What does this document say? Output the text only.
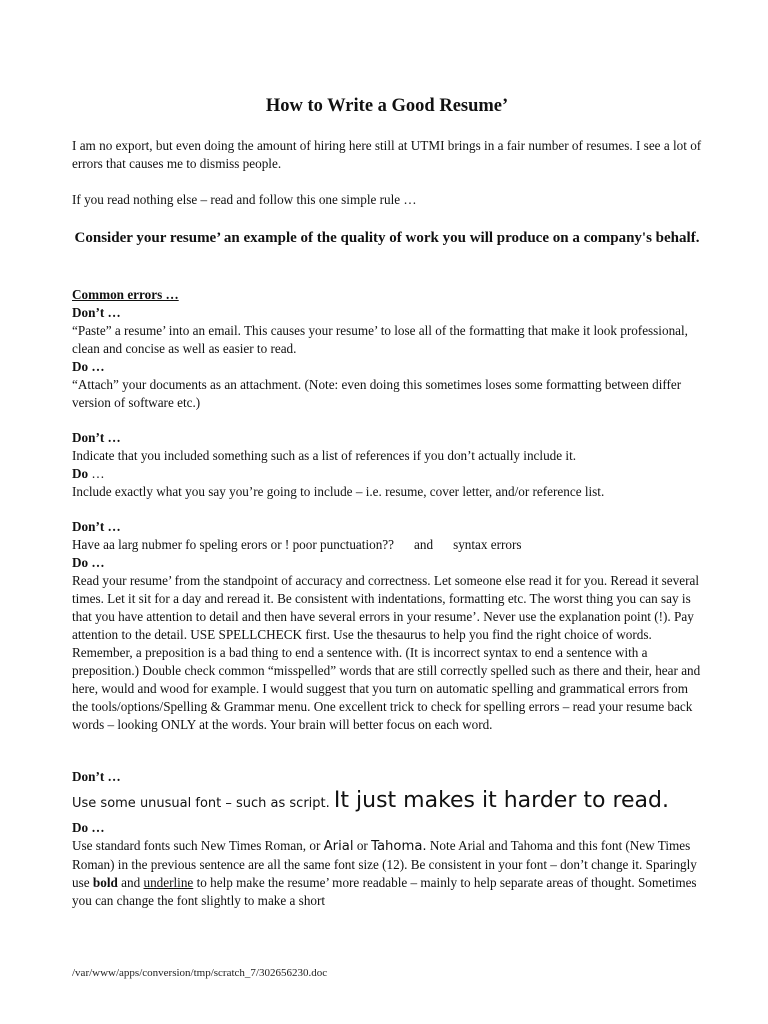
How to Write a Good Resume’

I am no export, but even doing the amount of hiring here still at UTMI brings in a fair number of resumes. I see a lot of errors that causes me to dismiss people.

If you read nothing else – read and follow this one simple rule …

Consider your resume’ an example of the quality of work you will produce on a company's behalf.

Common errors …

Don’t …

“Paste” a resume’ into an email. This causes your resume’ to lose all of the formatting that make it look professional, clean and concise as well as easier to read.

Do …

“Attach” your documents as an attachment. (Note: even doing this sometimes loses some formatting between differ version of software etc.)

Don’t …

Indicate that you included something such as a list of references if you don’t actually include it.

Do …

Include exactly what you say you’re going to include – i.e. resume, cover letter, and/or reference list.

Don’t …

Have aa larg nubmer fo speling erors or ! poor punctuation?? and syntax errors

Do …

Read your resume’ from the standpoint of accuracy and correctness. Let someone else read it for you. Reread it several times. Let it sit for a day and reread it. Be consistent with indentations, formatting etc. The worst thing you can say is that you have attention to detail and then have several errors in your resume’. Never use the explanation point (!). Pay attention to the detail. USE SPELLCHECK first. Use the thesaurus to help you find the right choice of words. Remember, a preposition is a bad thing to end a sentence with. (It is incorrect syntax to end a sentence with a preposition.) Double check common “misspelled” words that are still correctly spelled such as there and their, hear and here, would and wood for example. I would suggest that you turn on automatic spelling and grammatical errors from the tools/options/Spelling & Grammar menu. One excellent trick to check for spelling errors – read your resume back words – looking ONLY at the words. Your brain will better focus on each word.

Don’t …

Use some unusual font – such as script. It just makes it harder to read.

Do …

Use standard fonts such New Times Roman, or Arial or Tahoma. Note Arial and Tahoma and this font (New Times Roman) in the previous sentence are all the same font size (12). Be consistent in your font – don’t change it. Sparingly use bold and underline to help make the resume’ more readable – mainly to help separate areas of thought. Sometimes you can change the font slightly to make a short

/var/www/apps/conversion/tmp/scratch_7/302656230.doc
